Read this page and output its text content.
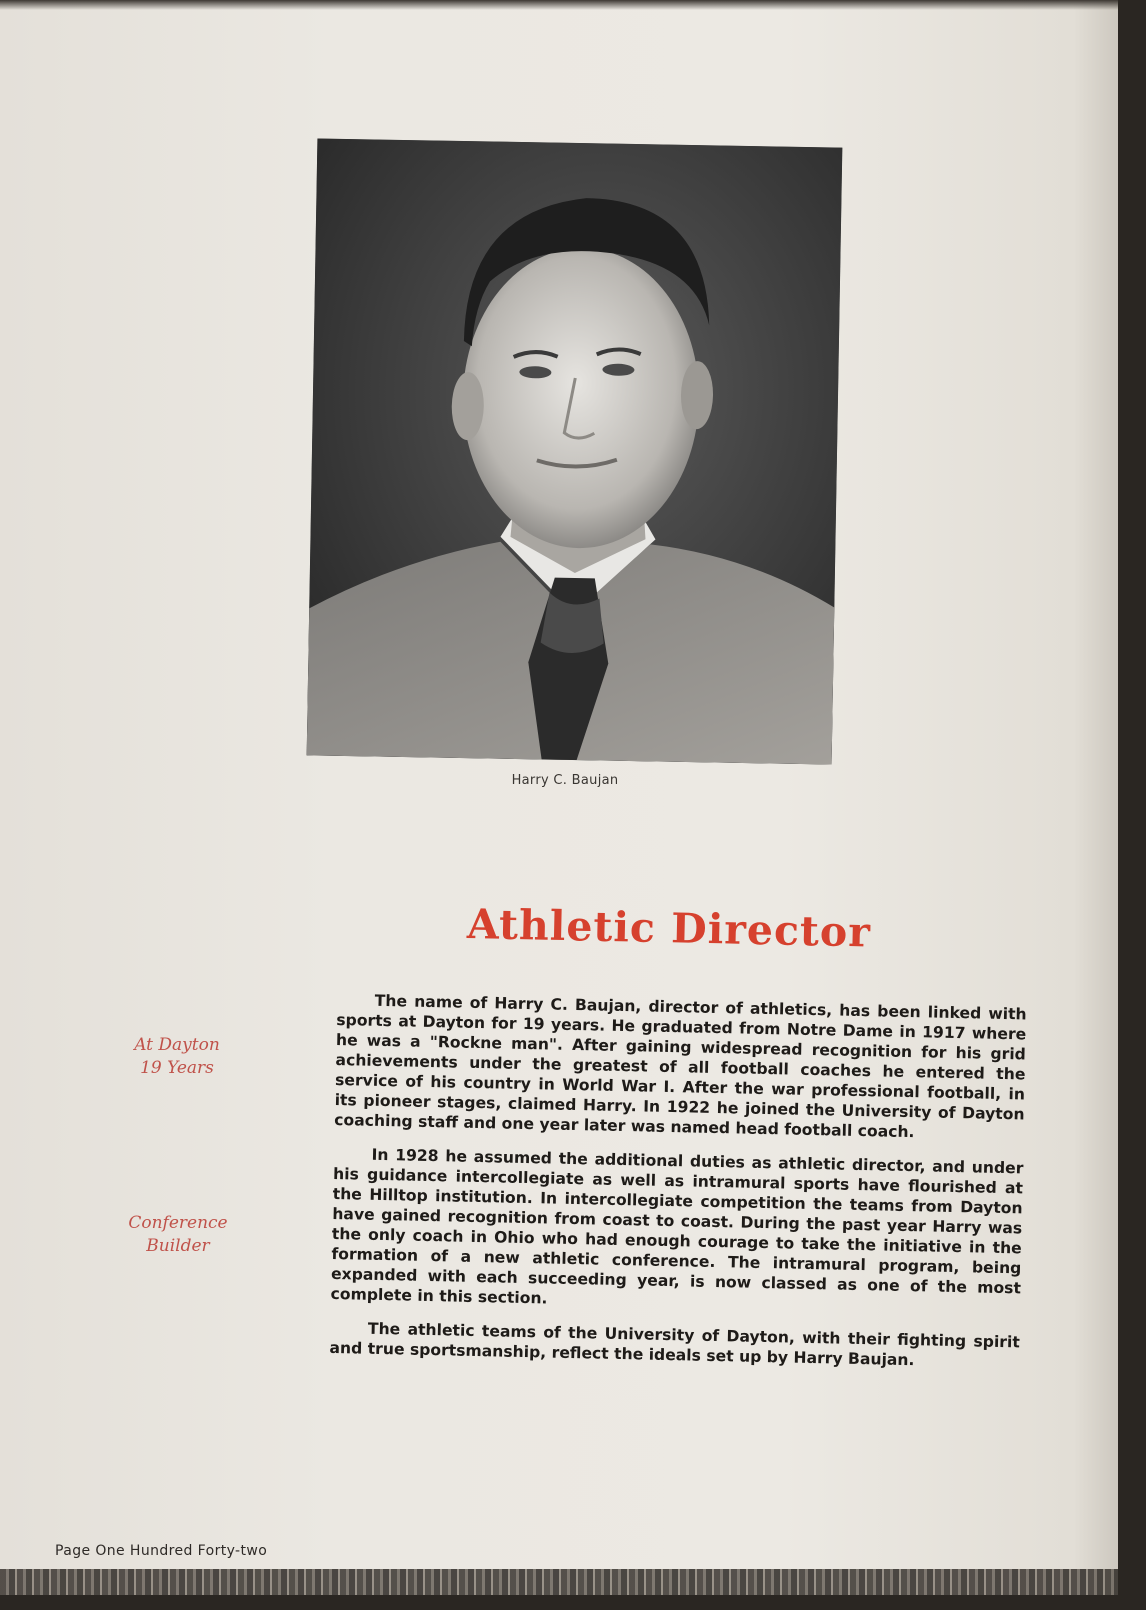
Harry C. Baujan
Athletic Director
At Dayton
19 Years
Conference
Builder

The name of Harry C. Baujan, director of athletics, has been linked with sports at Dayton for 19 years. He graduated from Notre Dame in 1917 where he was a "Rockne man". After gaining widespread recognition for his grid achievements under the greatest of all football coaches he entered the service of his country in World War I. After the war professional football, in its pioneer stages, claimed Harry. In 1922 he joined the University of Dayton coaching staff and one year later was named head football coach.

In 1928 he assumed the additional duties as athletic director, and under his guidance intercollegiate as well as intramural sports have flourished at the Hilltop institution. In intercollegiate competition the teams from Dayton have gained recognition from coast to coast. During the past year Harry was the only coach in Ohio who had enough courage to take the initiative in the formation of a new athletic conference. The intramural program, being expanded with each succeeding year, is now classed as one of the most complete in this section.

The athletic teams of the University of Dayton, with their fighting spirit and true sportsmanship, reflect the ideals set up by Harry Baujan.

Page One Hundred Forty-two
